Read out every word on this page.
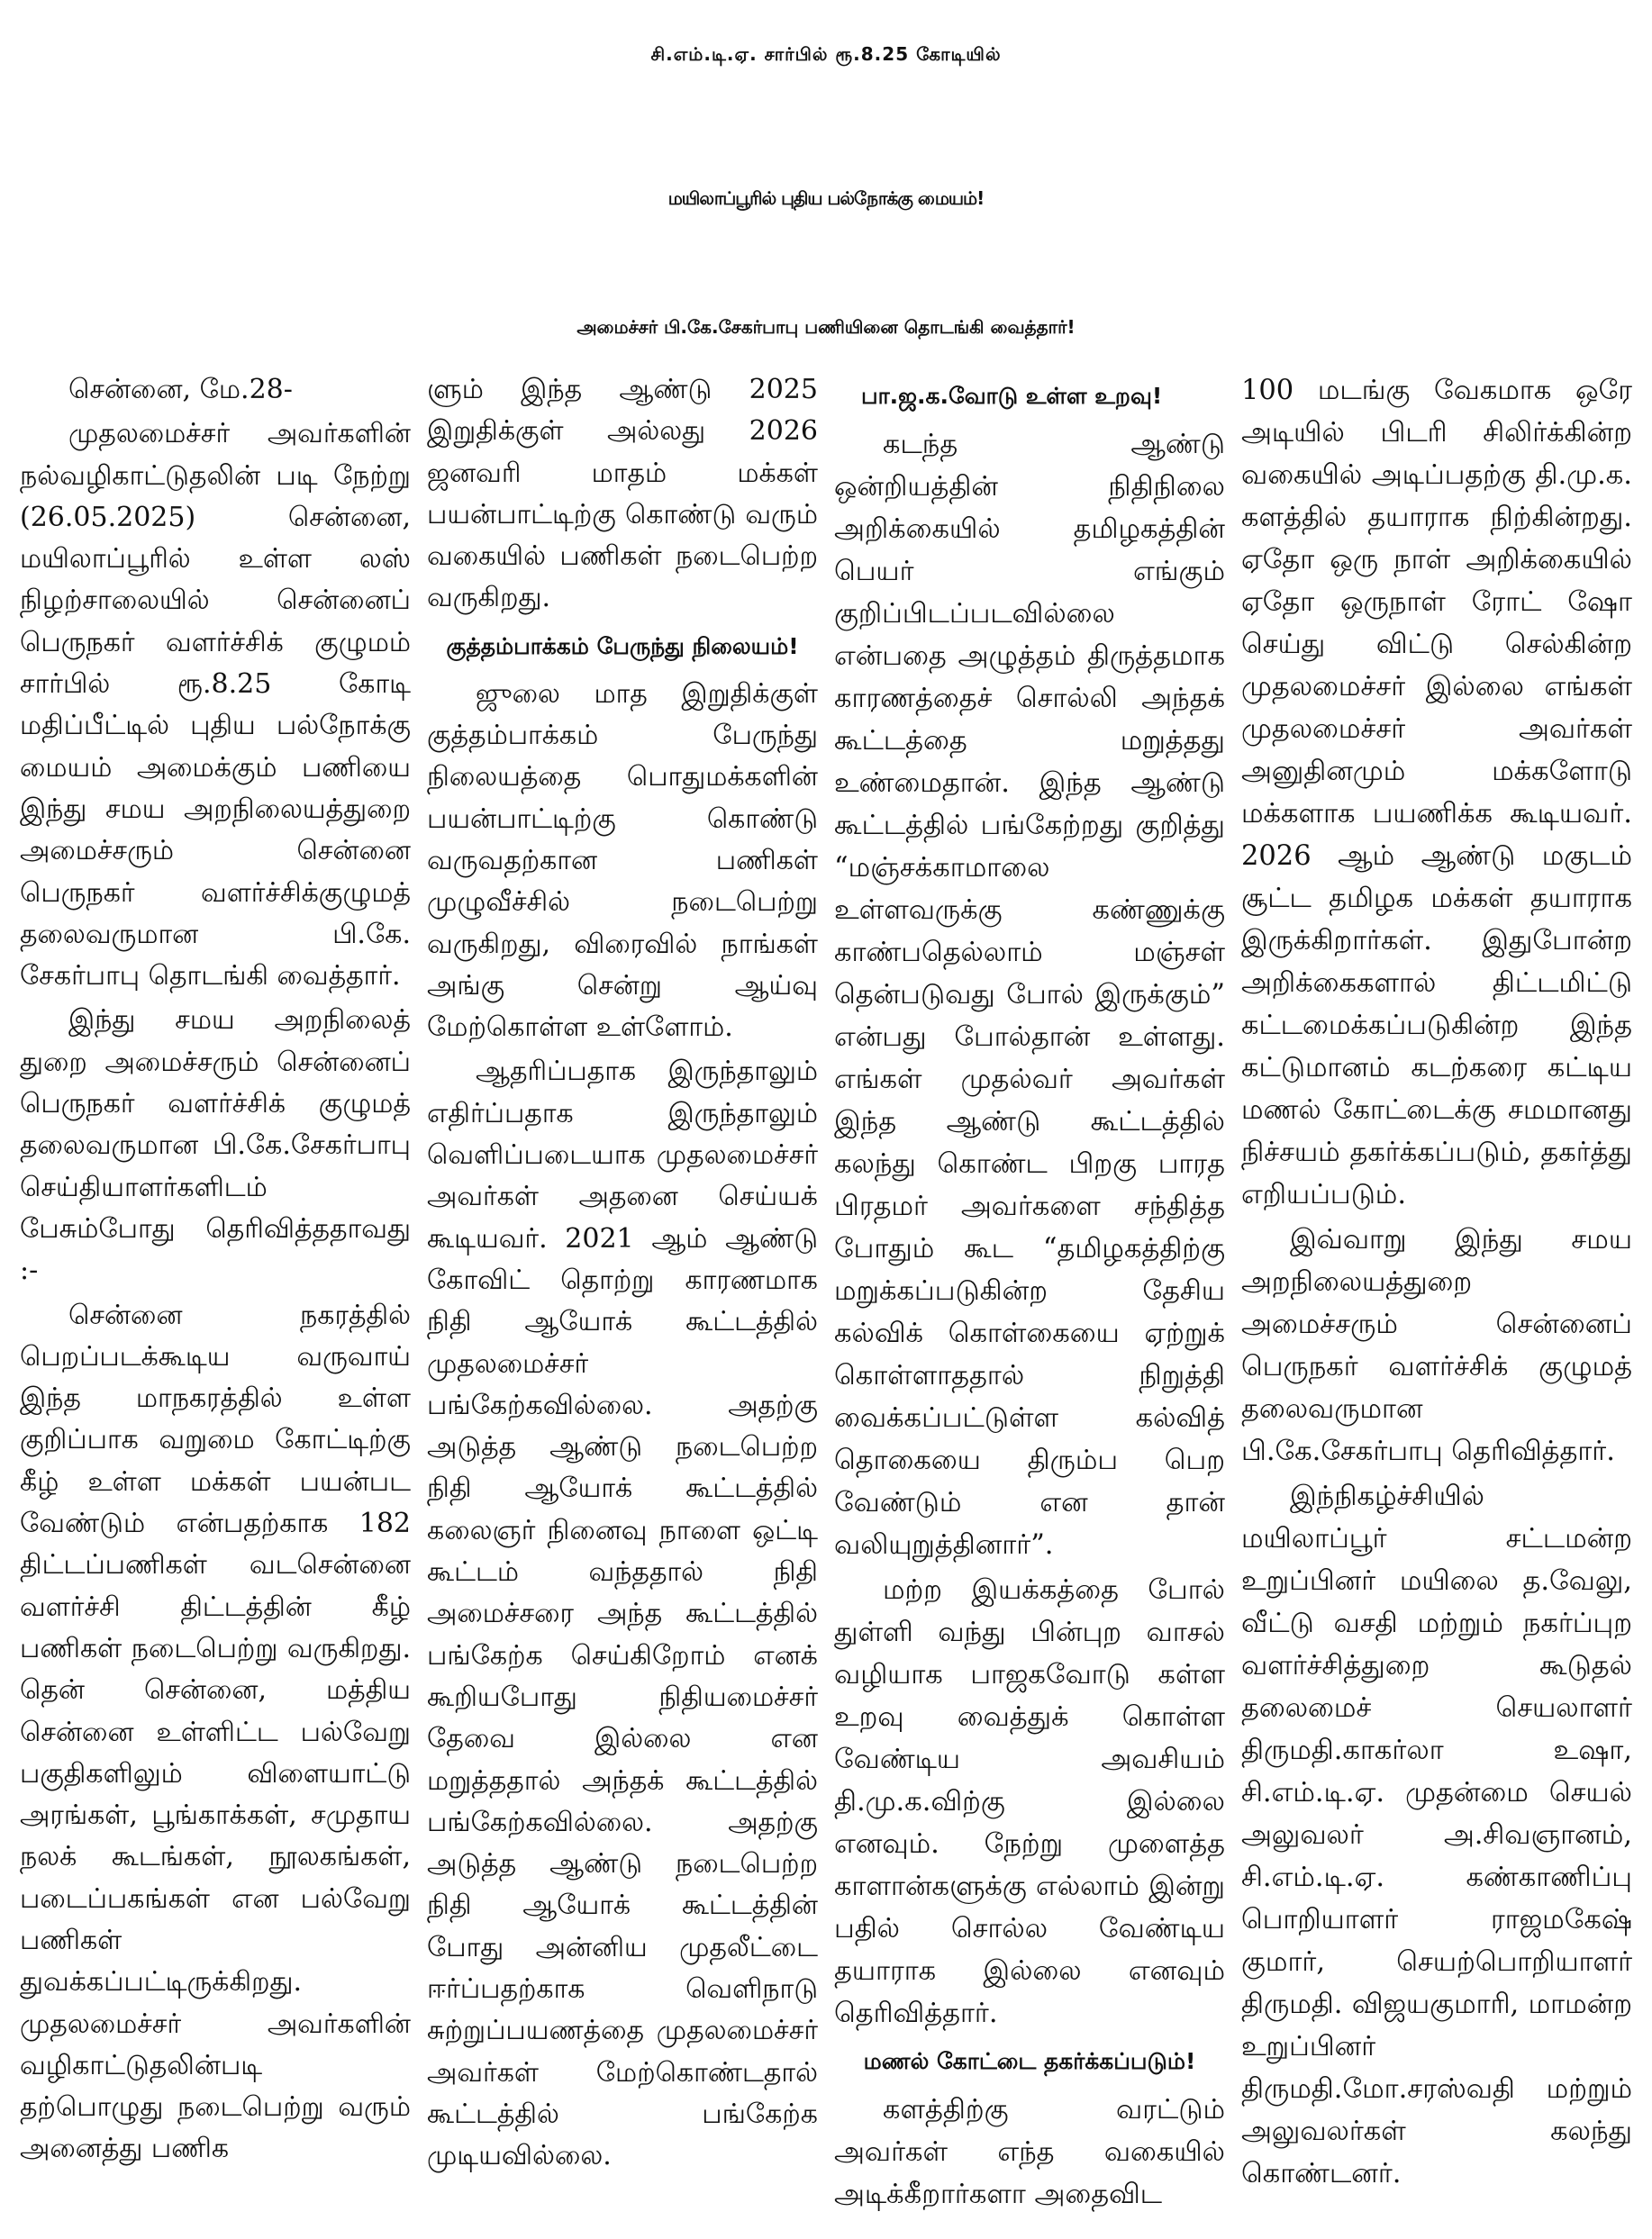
சி.எம்.டி.ஏ. சார்பில் ரூ.8.25 கோடியில்
மயிலாப்பூரில் புதிய பல்நோக்கு மையம்!
அமைச்சர் பி.கே.சேகர்பாபு பணியினை தொடங்கி வைத்தார்!

சென்னை, மே.28-

முதலமைச்சர் அவர்களின் நல்வழிகாட்டுதலின் படி நேற்று (26.05.2025) சென்னை, மயிலாப்பூரில் உள்ள லஸ் நிழற்சாலையில் சென்னைப் பெருநகர் வளர்ச்சிக் குழுமம் சார்பில் ரூ.8.25 கோடி மதிப்பீட்டில் புதிய பல்நோக்கு மையம் அமைக்கும் பணியை இந்து சமய அறநிலையத்துறை அமைச்சரும் சென்னை பெருநகர் வளர்ச்சிக்குழுமத் தலைவருமான பி.கே. சேகர்பாபு தொடங்கி வைத்தார்.

இந்து சமய அறநிலைத் துறை அமைச்சரும் சென்னைப் பெருநகர் வளர்ச்சிக் குழுமத் தலைவருமான பி.கே.சேகர்பாபு செய்தியாளர்களிடம் பேசும்போது தெரிவித்ததாவது :-

சென்னை நகரத்தில் பெறப்படக்கூடிய வருவாய் இந்த மாநகரத்தில் உள்ள குறிப்பாக வறுமை கோட்டிற்கு கீழ் உள்ள மக்கள் பயன்பட வேண்டும் என்பதற்காக 182 திட்டப்பணிகள் வடசென்னை வளர்ச்சி திட்டத்தின் கீழ் பணிகள் நடைபெற்று வருகிறது. தென் சென்னை, மத்திய சென்னை உள்ளிட்ட பல்வேறு பகுதிகளிலும் விளையாட்டு அரங்கள், பூங்காக்கள், சமுதாய நலக் கூடங்கள், நூலகங்கள், படைப்பகங்கள் என பல்வேறு பணிகள் துவக்கப்பட்டிருக்கிறது. முதலமைச்சர் அவர்களின் வழிகாட்டுதலின்படி தற்பொழுது நடைபெற்று வரும் அனைத்து பணிக

ளும் இந்த ஆண்டு 2025 இறுதிக்குள் அல்லது 2026 ஜனவரி மாதம் மக்கள் பயன்பாட்டிற்கு கொண்டு வரும் வகையில் பணிகள் நடைபெற்ற வருகிறது.

குத்தம்பாக்கம் பேருந்து நிலையம்!

ஜுலை மாத இறுதிக்குள் குத்தம்பாக்கம் பேருந்து நிலையத்தை பொதுமக்களின் பயன்பாட்டிற்கு கொண்டு வருவதற்கான பணிகள் முழுவீச்சில் நடைபெற்று வருகிறது, விரைவில் நாங்கள் அங்கு சென்று ஆய்வு மேற்கொள்ள உள்ளோம்.

ஆதரிப்பதாக இருந்தாலும் எதிர்ப்பதாக இருந்தாலும் வெளிப்படையாக முதலமைச்சர் அவர்கள் அதனை செய்யக் கூடியவர். 2021 ஆம் ஆண்டு கோவிட் தொற்று காரணமாக நிதி ஆயோக் கூட்டத்தில் முதலமைச்சர் பங்கேற்கவில்லை. அதற்கு அடுத்த ஆண்டு நடைபெற்ற நிதி ஆயோக் கூட்டத்தில் கலைஞர் நினைவு நாளை ஒட்டி கூட்டம் வந்ததால் நிதி அமைச்சரை அந்த கூட்டத்தில் பங்கேற்க செய்கிறோம் எனக் கூறியபோது நிதியமைச்சர் தேவை இல்லை என மறுத்ததால் அந்தக் கூட்டத்தில் பங்கேற்கவில்லை. அதற்கு அடுத்த ஆண்டு நடைபெற்ற நிதி ஆயோக் கூட்டத்தின் போது அன்னிய முதலீட்டை ஈர்ப்பதற்காக வெளிநாடு சுற்றுப்பயணத்தை முதலமைச்சர் அவர்கள் மேற்கொண்டதால் கூட்டத்தில் பங்கேற்க முடியவில்லை.

பா.ஜ.க.வோடு உள்ள உறவு!

கடந்த ஆண்டு ஒன்றியத்தின் நிதிநிலை அறிக்கையில் தமிழகத்தின் பெயர் எங்கும் குறிப்பிடப்படவில்லை என்பதை அழுத்தம் திருத்தமாக காரணத்தைச் சொல்லி அந்தக் கூட்டத்தை மறுத்தது உண்மைதான். இந்த ஆண்டு கூட்டத்தில் பங்கேற்றது குறித்து “மஞ்சக்காமாலை உள்ளவருக்கு கண்ணுக்கு காண்பதெல்லாம் மஞ்சள் தென்படுவது போல் இருக்கும்” என்பது போல்தான் உள்ளது. எங்கள் முதல்வர் அவர்கள் இந்த ஆண்டு கூட்டத்தில் கலந்து கொண்ட பிறகு பாரத பிரதமர் அவர்களை சந்தித்த போதும் கூட “தமிழகத்திற்கு மறுக்கப்படுகின்ற தேசிய கல்விக் கொள்கையை ஏற்றுக் கொள்ளாததால் நிறுத்தி வைக்கப்பட்டுள்ள கல்வித் தொகையை திரும்ப பெற வேண்டும் என தான் வலியுறுத்தினார்”.

மற்ற இயக்கத்தை போல் துள்ளி வந்து பின்புற வாசல் வழியாக பாஜகவோடு கள்ள உறவு வைத்துக் கொள்ள வேண்டிய அவசியம் தி.மு.க.விற்கு இல்லை எனவும். நேற்று முளைத்த காளான்களுக்கு எல்லாம் இன்று பதில் சொல்ல வேண்டிய தயாராக இல்லை எனவும் தெரிவித்தார்.

மணல் கோட்டை தகர்க்கப்படும்!

களத்திற்கு வரட்டும் அவர்கள் எந்த வகையில் அடிக்கீறார்களா அதைவிட

100 மடங்கு வேகமாக ஒரே அடியில் பிடரி சிலிர்க்கின்ற வகையில் அடிப்பதற்கு தி.மு.க. களத்தில் தயாராக நிற்கின்றது. ஏதோ ஒரு நாள் அறிக்கையில் ஏதோ ஒருநாள் ரோட் ஷோ செய்து விட்டு செல்கின்ற முதலமைச்சர் இல்லை எங்கள் முதலமைச்சர் அவர்கள் அனுதினமும் மக்களோடு மக்களாக பயணிக்க கூடியவர். 2026 ஆம் ஆண்டு மகுடம் சூட்ட தமிழக மக்கள் தயாராக இருக்கிறார்கள். இதுபோன்ற அறிக்கைகளால் திட்டமிட்டு கட்டமைக்கப்படுகின்ற இந்த கட்டுமானம் கடற்கரை கட்டிய மணல் கோட்டைக்கு சமமானது நிச்சயம் தகர்க்கப்படும், தகர்த்து எறியப்படும்.

இவ்வாறு இந்து சமய அறநிலையத்துறை அமைச்சரும் சென்னைப் பெருநகர் வளர்ச்சிக் குழுமத் தலைவருமான பி.கே.சேகர்பாபு தெரிவித்தார்.

இந்நிகழ்ச்சியில் மயிலாப்பூர் சட்டமன்ற உறுப்பினர் மயிலை த.வேலு, வீட்டு வசதி மற்றும் நகர்ப்புற வளர்ச்சித்துறை கூடுதல் தலைமைச் செயலாளர் திருமதி.காகர்லா உஷா, சி.எம்.டி.ஏ. முதன்மை செயல் அலுவலர் அ.சிவஞானம், சி.எம்.டி.ஏ. கண்காணிப்பு பொறியாளர் ராஜமகேஷ் குமார், செயற்பொறியாளர் திருமதி. விஜயகுமாரி, மாமன்ற உறுப்பினர் திருமதி.மோ.சரஸ்வதி மற்றும் அலுவலர்கள் கலந்து கொண்டனர்.
